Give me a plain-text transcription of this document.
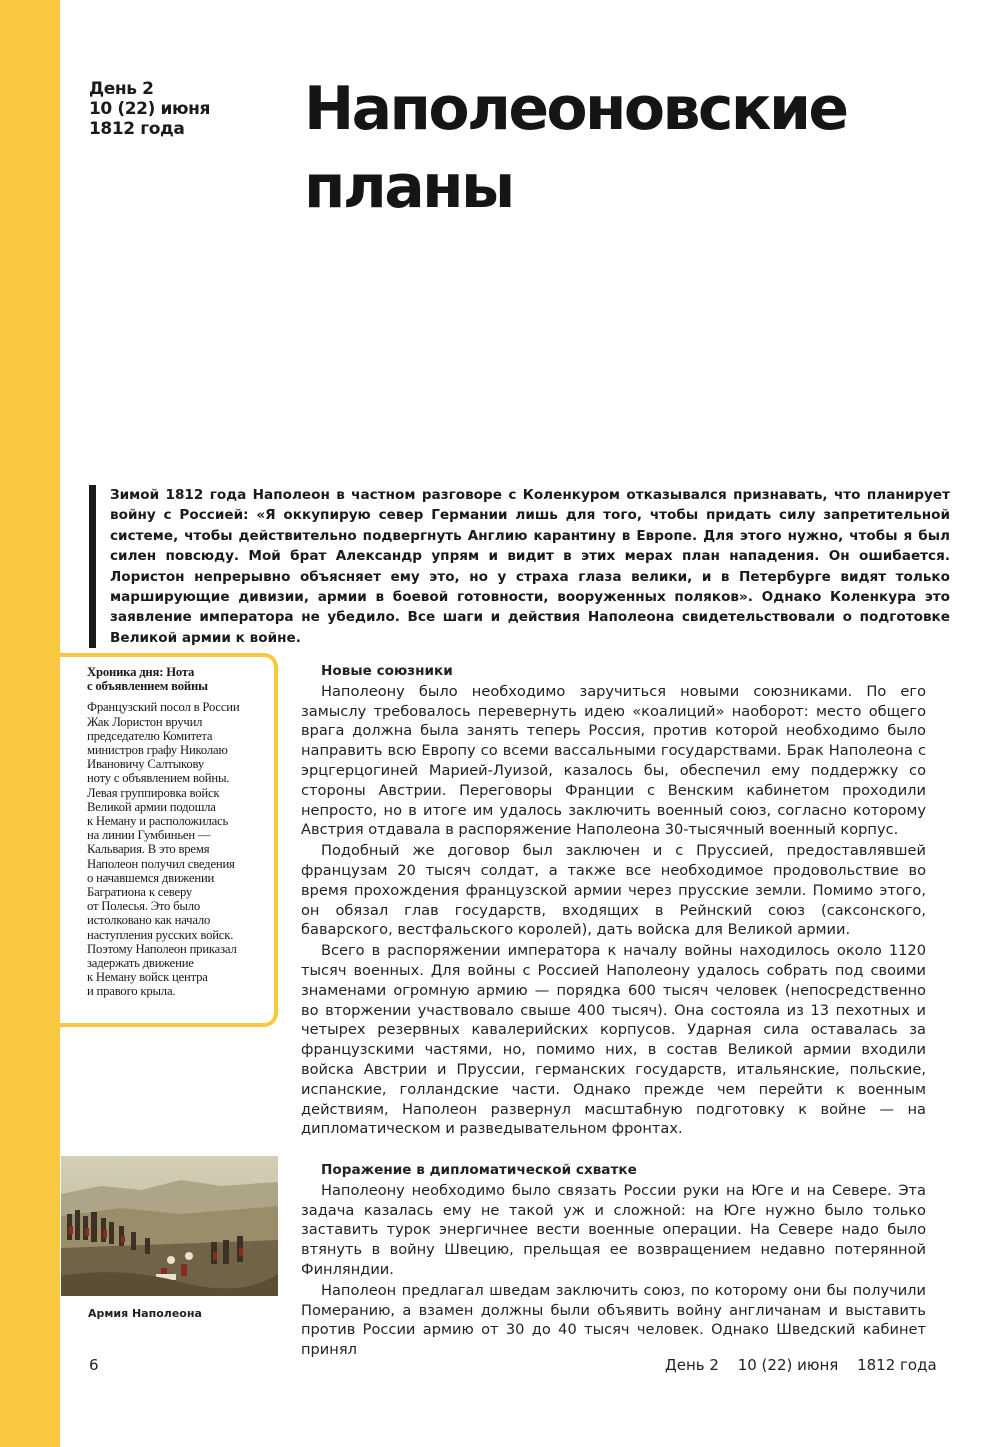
День 2
10 (22) июня
1812 года	Наполеоновские
планы

Зимой 1812 года Наполеон в частном разговоре с Коленкуром отказывался признавать, что планирует войну с Россией: «Я оккупирую север Германии лишь для того, чтобы придать силу запретительной системе, чтобы действительно подвергнуть Англию карантину в Европе. Для этого нужно, чтобы я был силен повсюду. Мой брат Александр упрям и видит в этих мерах план нападения. Он ошибается. Лористон непрерывно объясняет ему это, но у страха глаза велики, и в Петербурге видят только марширующие дивизии, армии в боевой готовности, вооруженных поляков». Однако Коленкура это заявление императора не убедило. Все шаги и действия Наполеона свидетельствовали о подготовке Великой армии к войне.

Хроника дня: Нота
с объявлением войны
Французский посол в России
Жак Лористон вручил
председателю Комитета
министров графу Николаю
Ивановичу Салтыкову
ноту с объявлением войны.
Левая группировка войск
Великой армии подошла
к Неману и расположилась
на линии Гумбиньен —
Кальвария. В это время
Наполеон получил сведения
о начавшемся движении
Багратиона к северу
от Полесья. Это было
истолковано как начало
наступления русских войск.
Поэтому Наполеон приказал
задержать движение
к Неману войск центра
и правого крыла.
Новые союзники

Наполеону было необходимо заручиться новыми союзниками. По его замыслу требовалось перевернуть идею «коалиций» наоборот: место общего врага должна была занять теперь Россия, против которой необходимо было направить всю Европу со всеми вассальными государствами. Брак Наполеона с эрцгерцогиней Марией-Луизой, казалось бы, обеспечил ему поддержку со стороны Австрии. Переговоры Франции с Венским кабинетом проходили непросто, но в итоге им удалось заключить военный союз, согласно которому Австрия отдавала в распоряжение Наполеона 30-тысячный военный корпус.

Подобный же договор был заключен и с Пруссией, предоставлявшей французам 20 тысяч солдат, а также все необходимое продовольствие во время прохождения французской армии через прусские земли. Помимо этого, он обязал глав государств, входящих в Рейнский союз (саксонского, баварского, вестфальского королей), дать войска для Великой армии.

Всего в распоряжении императора к началу войны находилось около 1120 тысяч военных. Для войны с Россией Наполеону удалось собрать под своими знаменами огромную армию — порядка 600 тысяч человек (непосредственно во вторжении участвовало свыше 400 тысяч). Она состояла из 13 пехотных и четырех резервных кавалерийских корпусов. Ударная сила оставалась за французскими частями, но, помимо них, в состав Великой армии входили войска Австрии и Пруссии, германских государств, итальянские, польские, испанские, голландские части. Однако прежде чем перейти к военным действиям, Наполеон развернул масштабную подготовку к войне — на дипломатическом и разведывательном фронтах.

Армия Наполеона
Поражение в дипломатической схватке

Наполеону необходимо было связать России руки на Юге и на Севере. Эта задача казалась ему не такой уж и сложной: на Юге нужно было только заставить турок энергичнее вести военные операции. На Севере надо было втянуть в войну Швецию, прельщая ее возвращением недавно потерянной Финляндии.

Наполеон предлагал шведам заключить союз, по которому они бы получили Померанию, а взамен должны были объявить войну англичанам и выставить против России армию от 30 до 40 тысяч человек. Однако Шведский кабинет принял

6	День 2 10 (22) июня 1812 года
